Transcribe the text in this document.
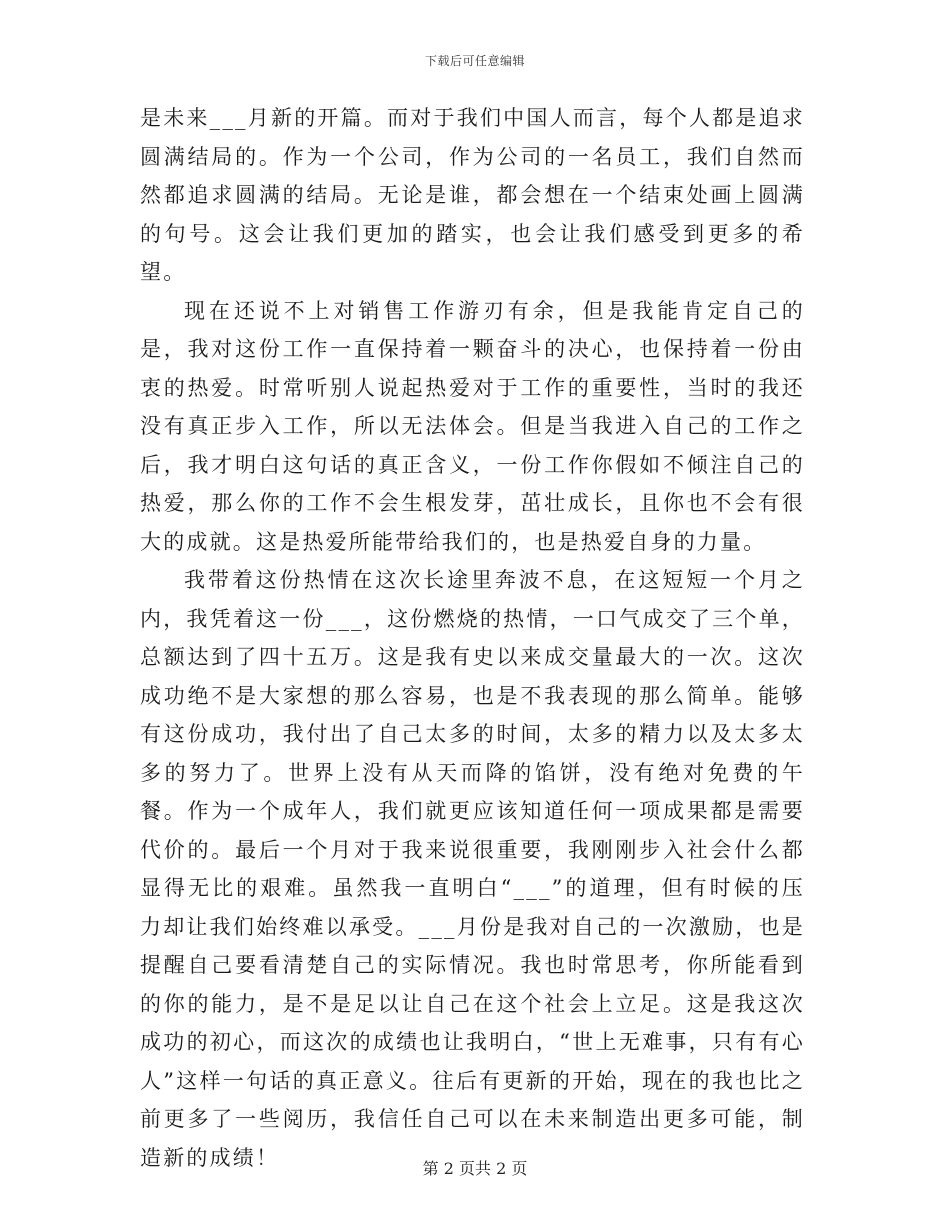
下载后可任意编辑

是未来___月新的开篇。而对于我们中国人而言，每个人都是追求圆满结局的。作为一个公司，作为公司的一名员工，我们自然而然都追求圆满的结局。无论是谁，都会想在一个结束处画上圆满的句号。这会让我们更加的踏实，也会让我们感受到更多的希望。

现在还说不上对销售工作游刃有余，但是我能肯定自己的是，我对这份工作一直保持着一颗奋斗的决心，也保持着一份由衷的热爱。时常听别人说起热爱对于工作的重要性，当时的我还没有真正步入工作，所以无法体会。但是当我进入自己的工作之后，我才明白这句话的真正含义，一份工作你假如不倾注自己的热爱，那么你的工作不会生根发芽，茁壮成长，且你也不会有很大的成就。这是热爱所能带给我们的，也是热爱自身的力量。

我带着这份热情在这次长途里奔波不息，在这短短一个月之内，我凭着这一份___，这份燃烧的热情，一口气成交了三个单，总额达到了四十五万。这是我有史以来成交量最大的一次。这次成功绝不是大家想的那么容易，也是不我表现的那么简单。能够有这份成功，我付出了自己太多的时间，太多的精力以及太多太多的努力了。世界上没有从天而降的馅饼，没有绝对免费的午餐。作为一个成年人，我们就更应该知道任何一项成果都是需要代价的。最后一个月对于我来说很重要，我刚刚步入社会什么都显得无比的艰难。虽然我一直明白“___”的道理，但有时候的压力却让我们始终难以承受。___月份是我对自己的一次激励，也是提醒自己要看清楚自己的实际情况。我也时常思考，你所能看到的你的能力，是不是足以让自己在这个社会上立足。这是我这次成功的初心，而这次的成绩也让我明白，“世上无难事，只有有心人”这样一句话的真正意义。往后有更新的开始，现在的我也比之前更多了一些阅历，我信任自己可以在未来制造出更多可能，制造新的成绩！	第 2 页共 2 页
